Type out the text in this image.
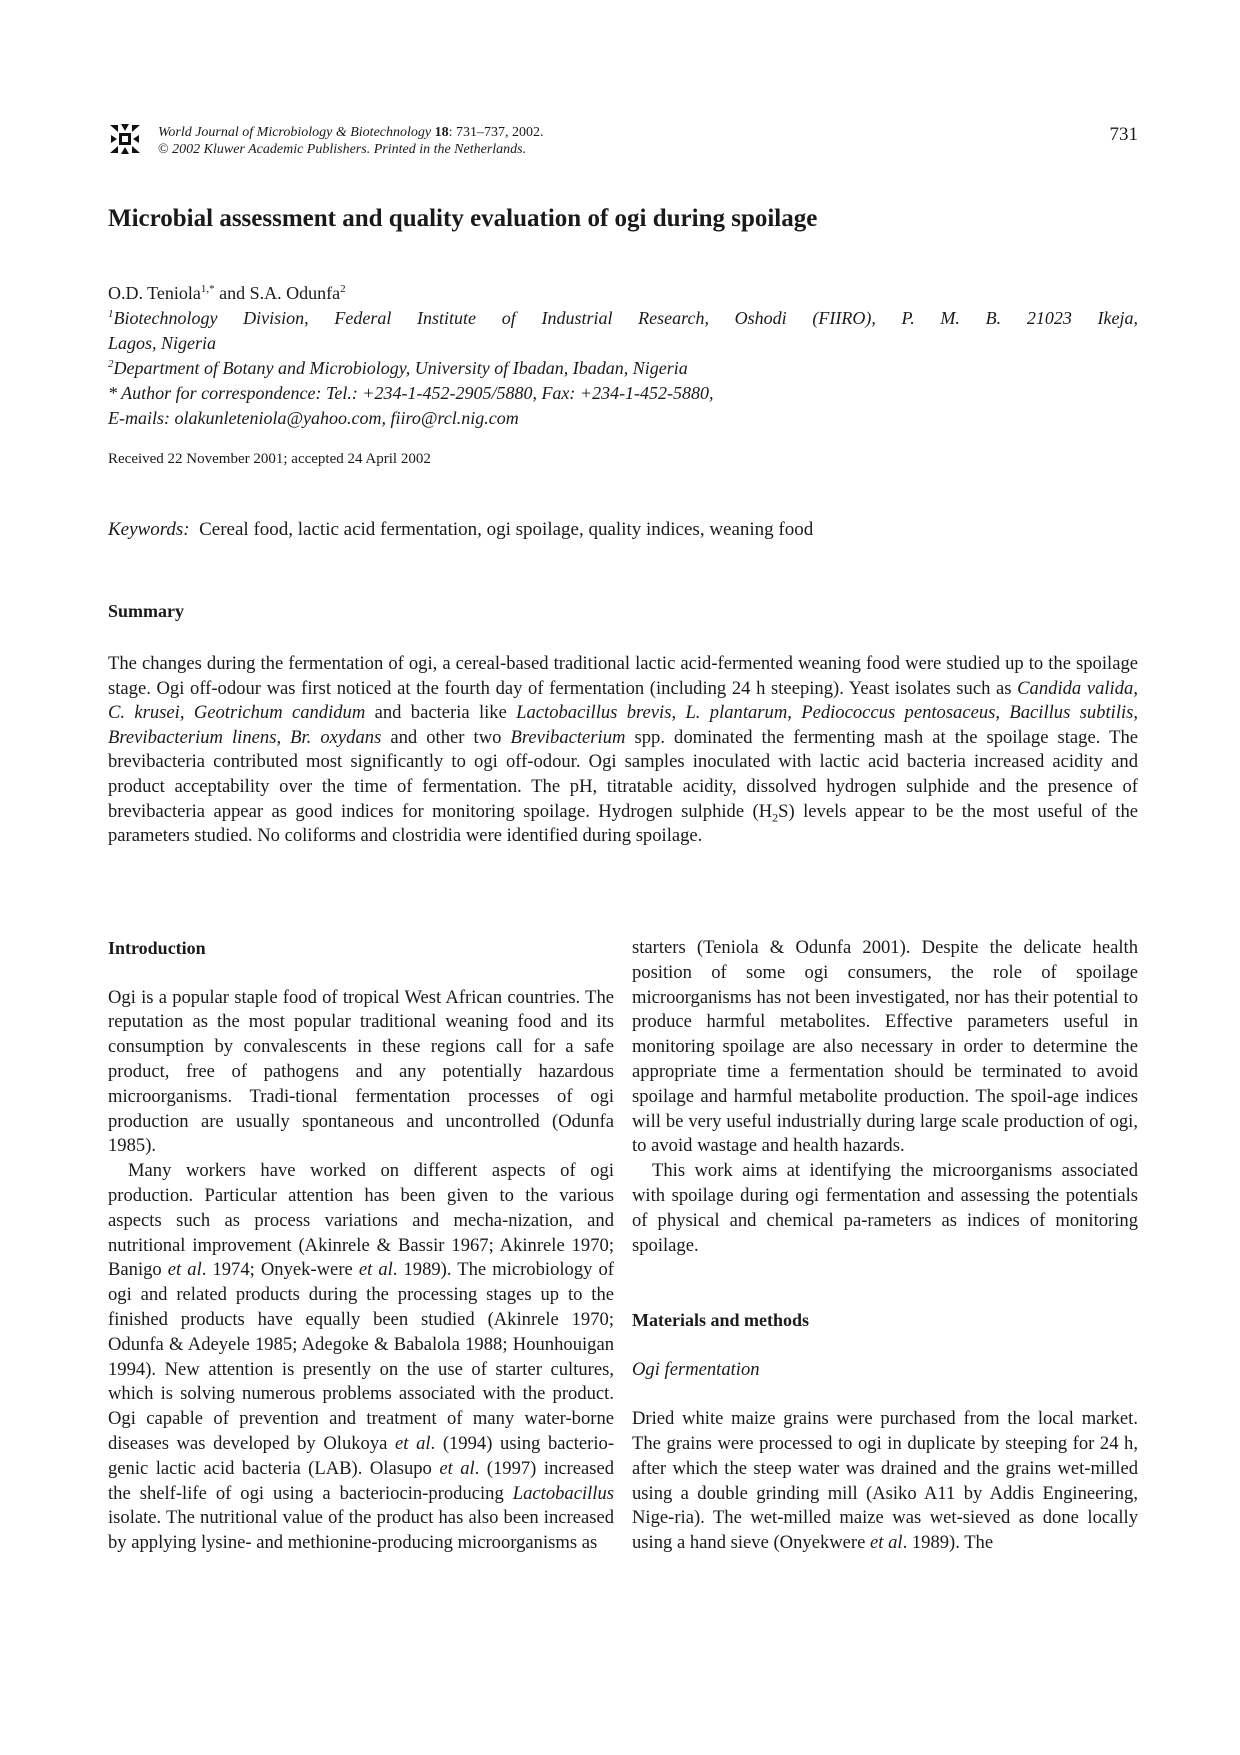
World Journal of Microbiology & Biotechnology 18: 731–737, 2002.
© 2002 Kluwer Academic Publishers. Printed in the Netherlands.
731
Microbial assessment and quality evaluation of ogi during spoilage
O.D. Teniola$^{1,*}$ and S.A. Odunfa$^2$
$^1$Biotechnology Division, Federal Institute of Industrial Research, Oshodi (FIIRO), P. M. B. 21023 Ikeja,
Lagos, Nigeria
$^2$Department of Botany and Microbiology, University of Ibadan, Ibadan, Nigeria
* Author for correspondence: Tel.: +234-1-452-2905/5880, Fax: +234-1-452-5880,
E-mails: olakunleteniola@yahoo.com, fiiro@rcl.nig.com
Received 22 November 2001; accepted 24 April 2002
Keywords: Cereal food, lactic acid fermentation, ogi spoilage, quality indices, weaning food
Summary
The changes during the fermentation of ogi, a cereal-based traditional lactic acid-fermented weaning food were studied up to the spoilage stage. Ogi off-odour was first noticed at the fourth day of fermentation (including 24 h steeping). Yeast isolates such as Candida valida, C. krusei, Geotrichum candidum and bacteria like Lactobacillus brevis, L. plantarum, Pediococcus pentosaceus, Bacillus subtilis, Brevibacterium linens, Br. oxydans and other two Brevibacterium spp. dominated the fermenting mash at the spoilage stage. The brevibacteria contributed most significantly to ogi off-odour. Ogi samples inoculated with lactic acid bacteria increased acidity and product acceptability over the time of fermentation. The pH, titratable acidity, dissolved hydrogen sulphide and the presence of brevibacteria appear as good indices for monitoring spoilage. Hydrogen sulphide $(H_2S)$ levels appear to be the most useful of the parameters studied. No coliforms and clostridia were identified during spoilage.
Introduction

Ogi is a popular staple food of tropical West African countries. The reputation as the most popular traditional weaning food and its consumption by convalescents in these regions call for a safe product, free of pathogens and any potentially hazardous microorganisms. Tradi-tional fermentation processes of ogi production are usually spontaneous and uncontrolled (Odunfa 1985).

Many workers have worked on different aspects of ogi production. Particular attention has been given to the various aspects such as process variations and mecha-nization, and nutritional improvement (Akinrele & Bassir 1967; Akinrele 1970; Banigo et al. 1974; Onyek-were et al. 1989). The microbiology of ogi and related products during the processing stages up to the finished products have equally been studied (Akinrele 1970; Odunfa & Adeyele 1985; Adegoke & Babalola 1988; Hounhouigan 1994). New attention is presently on the use of starter cultures, which is solving numerous problems associated with the product. Ogi capable of prevention and treatment of many water-borne diseases was developed by Olukoya et al. (1994) using bacterio-genic lactic acid bacteria (LAB). Olasupo et al. (1997) increased the shelf-life of ogi using a bacteriocin-producing Lactobacillus isolate. The nutritional value of the product has also been increased by applying lysine- and methionine-producing microorganisms as

starters (Teniola & Odunfa 2001). Despite the delicate health position of some ogi consumers, the role of spoilage microorganisms has not been investigated, nor has their potential to produce harmful metabolites. Effective parameters useful in monitoring spoilage are also necessary in order to determine the appropriate time a fermentation should be terminated to avoid spoilage and harmful metabolite production. The spoil-age indices will be very useful industrially during large scale production of ogi, to avoid wastage and health hazards.

This work aims at identifying the microorganisms associated with spoilage during ogi fermentation and assessing the potentials of physical and chemical pa-rameters as indices of monitoring spoilage.

Materials and methods
Ogi fermentation

Dried white maize grains were purchased from the local market. The grains were processed to ogi in duplicate by steeping for 24 h, after which the steep water was drained and the grains wet-milled using a double grinding mill (Asiko A11 by Addis Engineering, Nige-ria). The wet-milled maize was wet-sieved as done locally using a hand sieve (Onyekwere et al. 1989). The
